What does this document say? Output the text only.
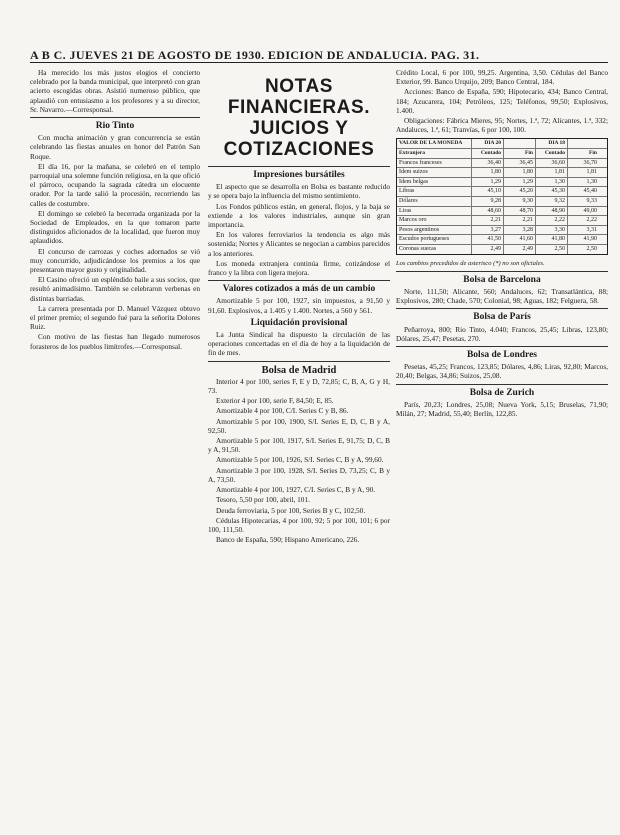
A B C. JUEVES 21 DE AGOSTO DE 1930. EDICION DE ANDALUCIA. PAG. 31.

Ha merecido los más justos elogios el concierto celebrado por la banda municipal, que interpretó con gran acierto escogidas obras. Asistió numeroso público, que aplaudió con entusiasmo a los profesores y a su director, Sr. Navarro.—Corresponsal.

Rio Tinto

Con mucha animación y gran concurrencia se están celebrando las fiestas anuales en honor del Patrón San Roque.

El día 16, por la mañana, se celebró en el templo parroquial una solemne función religiosa, en la que ofició el párroco, ocupando la sagrada cátedra un elocuente orador. Por la tarde salió la procesión, recorriendo las calles de costumbre.

El domingo se celebró la becerrada organizada por la Sociedad de Empleados, en la que tomaron parte distinguidos aficionados de la localidad, que fueron muy aplaudidos.

El concurso de carrozas y coches adornados se vió muy concurrido, adjudicándose los premios a los que presentaron mayor gusto y originalidad.

El Casino ofreció un espléndido baile a sus socios, que resultó animadísimo. También se celebraron verbenas en distintas barriadas.

La carrera presentada por D. Manuel Vázquez obtuvo el primer premio; el segundo fué para la señorita Dolores Ruiz.

Con motivo de las fiestas han llegado numerosos forasteros de los pueblos limítrofes.—Corresponsal.

NOTAS FINANCIERAS. JUICIOS Y COTIZACIONES
Impresiones bursátiles

El aspecto que se desarrolla en Bolsa es bastante reducido y se opera bajo la influencia del mismo sentimiento.

Los Fondos públicos están, en general, flojos, y la baja se extiende a los valores industriales, aunque sin gran importancia.

En los valores ferroviarios la tendencia es algo más sostenida; Nortes y Alicantes se negocian a cambios parecidos a los anteriores.

Los moneda extranjera continúa firme, cotizándose el franco y la libra con ligera mejora.

Valores cotizados a más de un cambio

Amortizable 5 por 100, 1927, sin impuestos, a 91,50 y 91,60. Explosivos, a 1.405 y 1.400. Nortes, a 560 y 561.

Liquidación provisional

La Junta Sindical ha dispuesto la circulación de las operaciones concertadas en el día de hoy a la liquidación de fin de mes.

Bolsa de Madrid

Interior 4 por 100, series F, E y D, 72,85; C, B, A, G y H, 73.

Exterior 4 por 100, serie F, 84,50; E, 85.

Amortizable 4 por 100, C/I. Series C y B, 86.

Amortizable 5 por 100, 1900, S/I. Series E, D, C, B y A, 92,50.

Amortizable 5 por 100, 1917, S/I. Series E, 91,75; D, C, B y A, 91,50.

Amortizable 5 por 100, 1926, S/I. Series C, B y A, 99,60.

Amortizable 3 por 100, 1928, S/I. Series D, 73,25; C, B y A, 73,50.

Amortizable 4 por 100, 1927, C/I. Series C, B y A, 90.

Tesoro, 5,50 por 100, abril, 101.

Deuda ferroviaria, 5 por 100, Series B y C, 102,50.

Cédulas Hipotecarias, 4 por 100, 92; 5 por 100, 101; 6 por 100, 111,50.

Banco de España, 590; Hispano Americano, 226.

Crédito Local, 6 por 100, 99,25. Argentina, 3,50. Cédulas del Banco Exterior, 99. Banco Urquijo, 209; Banco Central, 184.

Acciones: Banco de España, 590; Hipotecario, 434; Banco Central, 184; Azucarera, 104; Petróleos, 125; Teléfonos, 99,50; Explosivos, 1.400.

Obligaciones: Fábrica Mieres, 95; Nortes, 1.ª, 72; Alicantes, 1.ª, 332; Andaluces, 1.ª, 61; Tranvías, 6 por 100, 100.

VALOR DE LA MONEDA	DIA 20	DIA 18
Extranjera	Contado	Fin	Contado	Fin
Francos franceses	36,40	36,45	36,60	36,70
Ídem suizos	1,80	1,80	1,81	1,81
Ídem belgas	1,29	1,29	1,30	1,30
Libras	45,10	45,20	45,30	45,40
Dólares	9,28	9,30	9,32	9,33
Liras	48,60	48,70	48,90	49,00
Marcos oro	2,21	2,21	2,22	2,22
Pesos argentinos	3,27	3,28	3,30	3,31
Escudos portugueses	41,50	41,60	41,80	41,90
Coronas suecas	2,49	2,49	2,50	2,50

Los cambios precedidos de asterisco (*) no son oficiales.

Bolsa de Barcelona

Norte, 111,50; Alicante, 560; Andaluces, 62; Transatlántica, 88; Explosivos, 280; Chade, 570; Colonial, 98; Aguas, 182; Felguera, 58.

Bolsa de París

Peñarroya, 800; Rio Tinto, 4.040; Francos, 25,45; Libras, 123,80; Dólares, 25,47; Pesetas, 270.

Bolsa de Londres

Pesetas, 45,25; Francos, 123,85; Dólares, 4,86; Liras, 92,80; Marcos, 20,40; Belgas, 34,86; Suizos, 25,08.

Bolsa de Zurich

París, 20,23; Londres, 25,08; Nueva York, 5,15; Bruselas, 71,90; Milán, 27; Madrid, 55,40; Berlín, 122,85.
